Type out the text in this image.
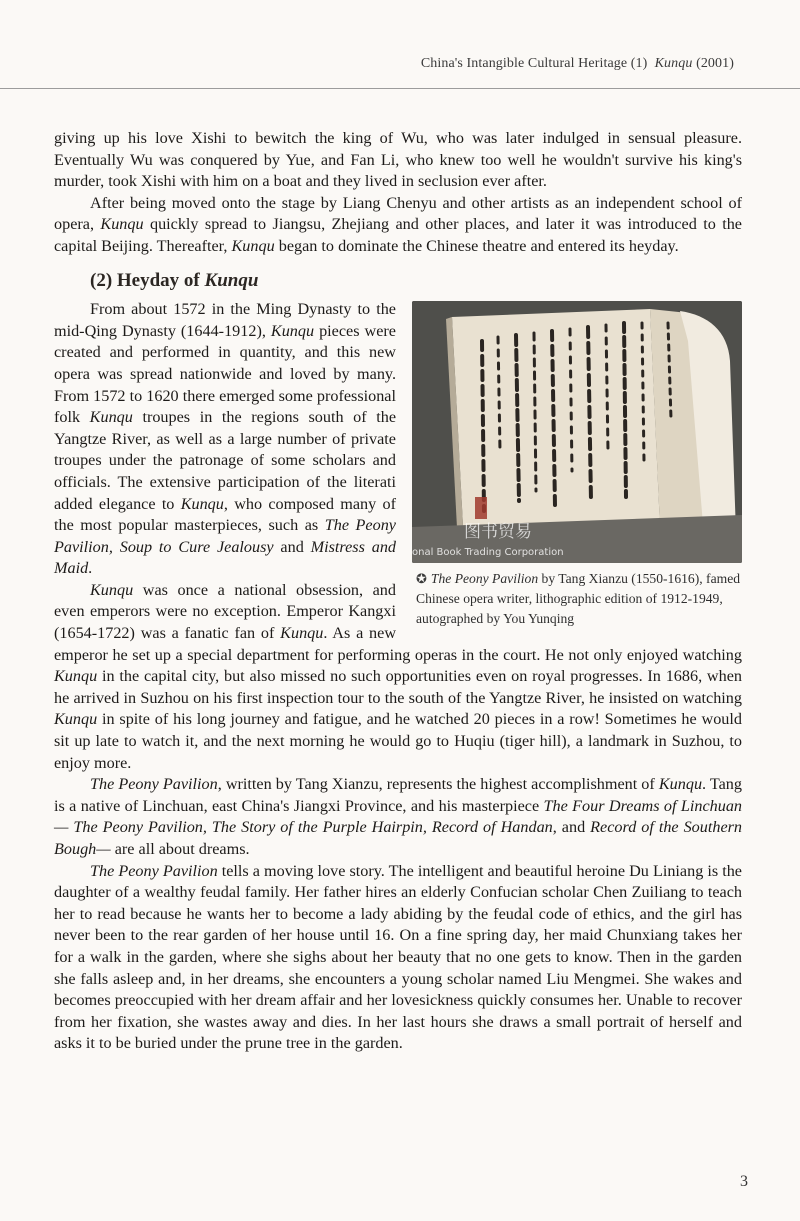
China's Intangible Cultural Heritage (1) Kunqu (2001)

giving up his love Xishi to bewitch the king of Wu, who was later indulged in sensual pleasure. Eventually Wu was conquered by Yue, and Fan Li, who knew too well he wouldn't survive his king's murder, took Xishi with him on a boat and they lived in seclusion ever after.

After being moved onto the stage by Liang Chenyu and other artists as an independent school of opera, Kunqu quickly spread to Jiangsu, Zhejiang and other places, and later it was introduced to the capital Beijing. Thereafter, Kunqu began to dominate the Chinese theatre and entered its heyday.

(2) Heyday of Kunqu
图书贸易
onal Book Trading Corporation
✪ The Peony Pavilion by Tang Xianzu (1550-1616), famed Chinese opera writer, lithographic edition of 1912-1949, autographed by You Yunqing

From about 1572 in the Ming Dynasty to the mid-Qing Dynasty (1644-1912), Kunqu pieces were created and performed in quantity, and this new opera was spread nationwide and loved by many. From 1572 to 1620 there emerged some professional folk Kunqu troupes in the regions south of the Yangtze River, as well as a large number of private troupes under the patronage of some scholars and officials. The extensive participation of the literati added elegance to Kunqu, who composed many of the most popular masterpieces, such as The Peony Pavilion, Soup to Cure Jealousy and Mistress and Maid.

Kunqu was once a national obsession, and even emperors were no exception. Emperor Kangxi (1654-1722) was a fanatic fan of Kunqu. As a new emperor he set up a special department for performing operas in the court. He not only enjoyed watching Kunqu in the capital city, but also missed no such opportunities even on royal progresses. In 1686, when he arrived in Suzhou on his first inspection tour to the south of the Yangtze River, he insisted on watching Kunqu in spite of his long journey and fatigue, and he watched 20 pieces in a row! Sometimes he would sit up late to watch it, and the next morning he would go to Huqiu (tiger hill), a landmark in Suzhou, to enjoy more.

The Peony Pavilion, written by Tang Xianzu, represents the highest accomplishment of Kunqu. Tang is a native of Linchuan, east China's Jiangxi Province, and his masterpiece The Four Dreams of Linchuan— The Peony Pavilion, The Story of the Purple Hairpin, Record of Handan, and Record of the Southern Bough— are all about dreams.

The Peony Pavilion tells a moving love story. The intelligent and beautiful heroine Du Liniang is the daughter of a wealthy feudal family. Her father hires an elderly Confucian scholar Chen Zuiliang to teach her to read because he wants her to become a lady abiding by the feudal code of ethics, and the girl has never been to the rear garden of her house until 16. On a fine spring day, her maid Chunxiang takes her for a walk in the garden, where she sighs about her beauty that no one gets to know. Then in the garden she falls asleep and, in her dreams, she encounters a young scholar named Liu Mengmei. She wakes and becomes preoccupied with her dream affair and her lovesickness quickly consumes her. Unable to recover from her fixation, she wastes away and dies. In her last hours she draws a small portrait of herself and asks it to be buried under the prune tree in the garden.

3
